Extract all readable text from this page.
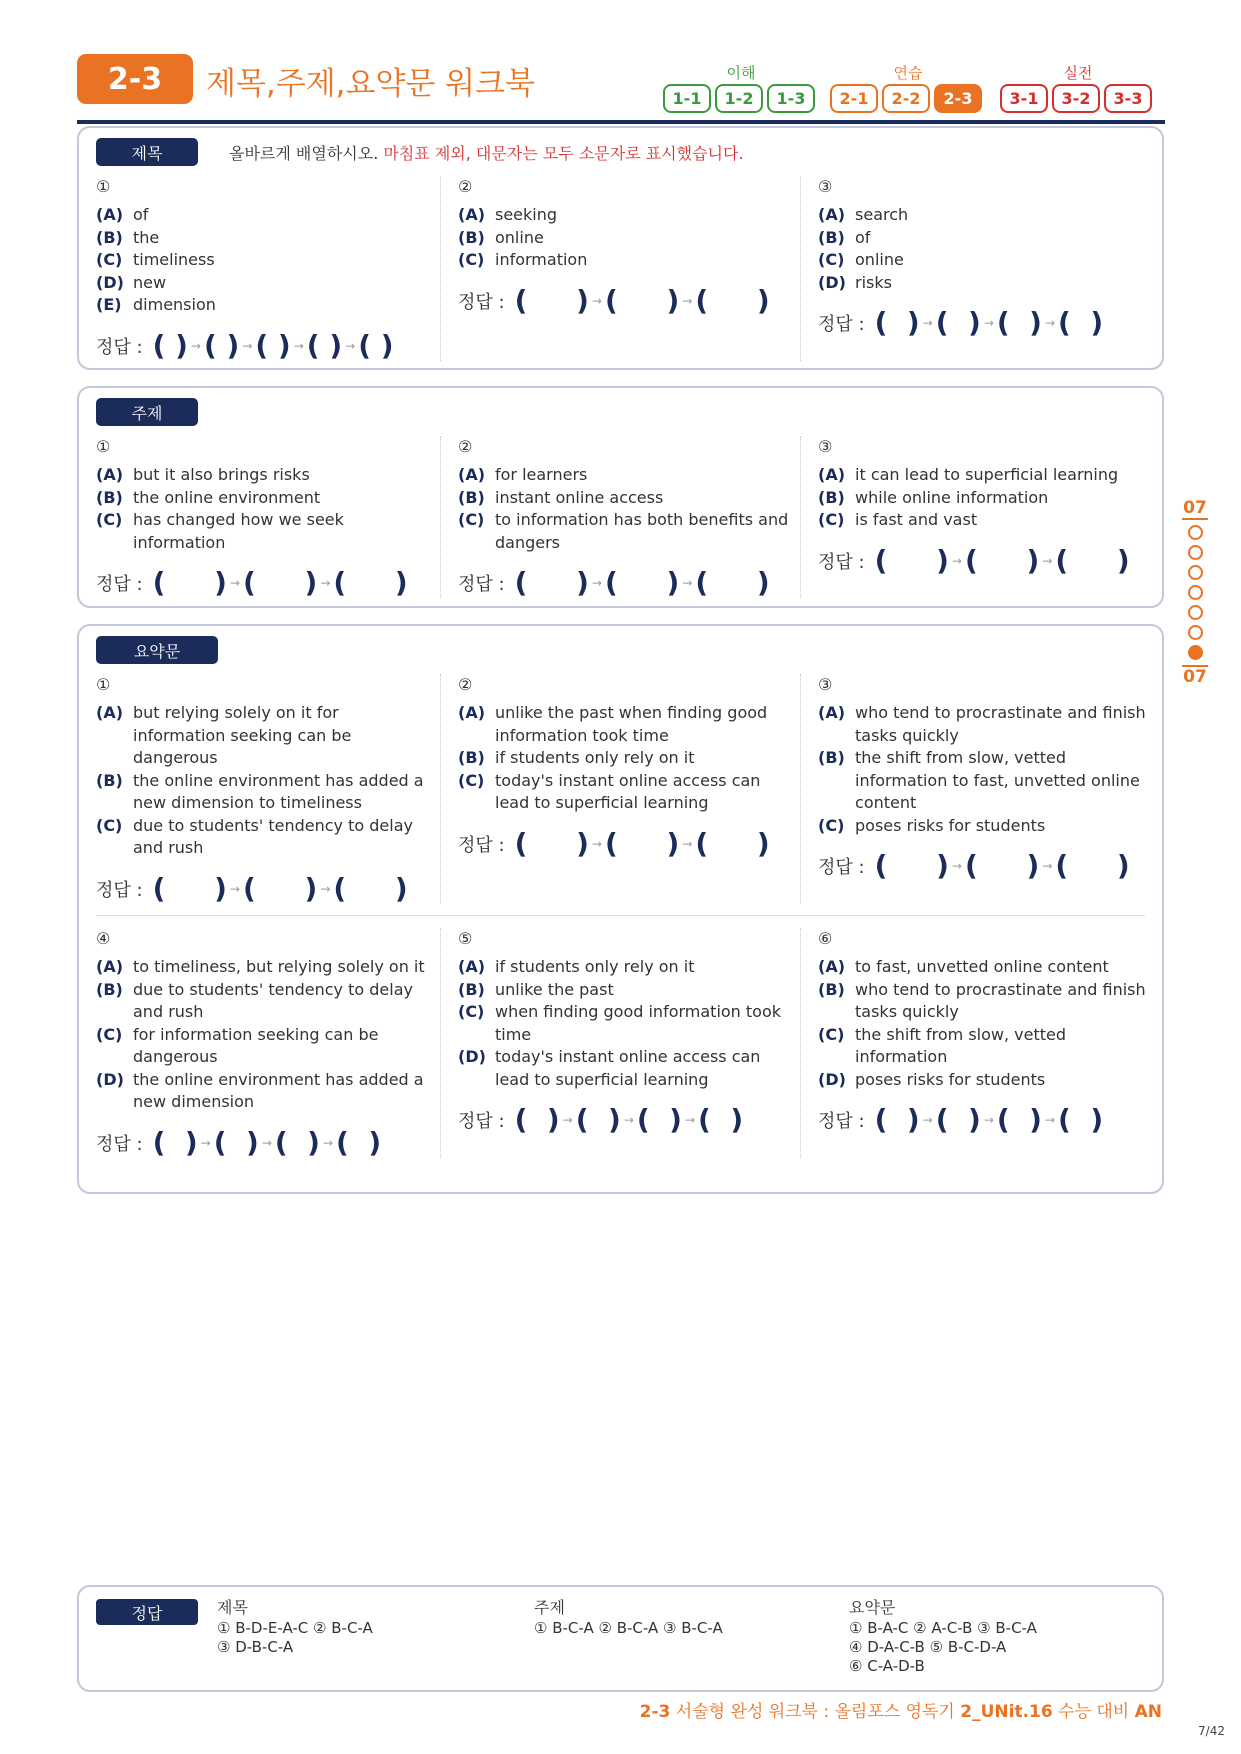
2-3	제목,주제,요약문 워크북	이해
1-1	1-2	1-3
연습
2-1	2-2	2-3
실전
3-1	3-2	3-3
제목	올바르게 배열하시오. 마침표 제외, 대문자는 모두 소문자로 표시했습니다.
①
(A) of
(B) the
(C) timeliness
(D) new
(E) dimension
정답 : ( ) → ( ) → ( ) → ( ) → ( )
②
(A) seeking
(B) online
(C) information
정답 : (     ) → (     ) → (     )
③
(A) search
(B) of
(C) online
(D) risks
정답 : (  ) → (  ) → (  ) → (  )
주제
①
(A) but it also brings risks
(B) the online environment
(C) has changed how we seek information
정답 : (     ) → (     ) → (     )
②
(A) for learners
(B) instant online access
(C) to information has both benefits and dangers
정답 : (     ) → (     ) → (     )
③
(A) it can lead to superficial learning
(B) while online information
(C) is fast and vast
정답 : (     ) → (     ) → (     )
요약문
①
(A) but relying solely on it for information seeking can be dangerous
(B) the online environment has added a new dimension to timeliness
(C) due to students' tendency to delay and rush
정답 : (     ) → (     ) → (     )
②
(A) unlike the past when finding good information took time
(B) if students only rely on it
(C) today's instant online access can lead to superficial learning
정답 : (     ) → (     ) → (     )
③
(A) who tend to procrastinate and finish tasks quickly
(B) the shift from slow, vetted information to fast, unvetted online content
(C) poses risks for students
정답 : (     ) → (     ) → (     )
④
(A) to timeliness, but relying solely on it
(B) due to students' tendency to delay and rush
(C) for information seeking can be dangerous
(D) the online environment has added a new dimension
정답 : (  ) → (  ) → (  ) → (  )
⑤
(A) if students only rely on it
(B) unlike the past
(C) when finding good information took time
(D) today's instant online access can lead to superficial learning
정답 : (  ) → (  ) → (  ) → (  )
⑥
(A) to fast, unvetted online content
(B) who tend to procrastinate and finish tasks quickly
(C) the shift from slow, vetted information
(D) poses risks for students
정답 : (  ) → (  ) → (  ) → (  )
07
07
정답	제목
① B-D-E-A-C ② B-C-A
③ D-B-C-A
주제
① B-C-A ② B-C-A ③ B-C-A
요약문
① B-A-C ② A-C-B ③ B-C-A
④ D-A-C-B ⑤ B-C-D-A
⑥ C-A-D-B
2-3 서술형 완성 워크북 : 올림포스 영독기 2_UNit.16 수능 대비 AN
7/42
